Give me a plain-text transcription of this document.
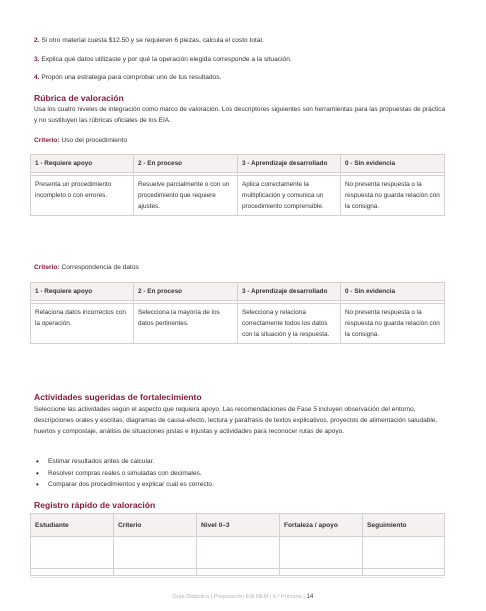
2. Si otro material cuesta $12.50 y se requieren 6 piezas, calcula el costo total.
3. Explica qué datos utilizaste y por qué la operación elegida corresponde a la situación.
4. Propón una estrategia para comprobar uno de tus resultados.
Rúbrica de valoración
Usa los cuatro niveles de integración como marco de valoración. Los descriptores siguientes son herramientas para las propuestas de práctica y no sustituyen las rúbricas oficiales de los EIA.
Criterio: Uso del procedimiento
1 - Requiere apoyo	2 - En proceso	3 - Aprendizaje desarrollado	0 - Sin evidencia

Presenta un procedimiento incompleto o con errores.	Resuelve parcialmente o con un procedimiento que requiere ajustes.	Aplica correctamente la multiplicación y comunica un procedimiento comprensible.	No presenta respuesta o la respuesta no guarda relación con la consigna.
Criterio: Correspondencia de datos
1 - Requiere apoyo	2 - En proceso	3 - Aprendizaje desarrollado	0 - Sin evidencia

Relaciona datos incorrectos con la operación.	Selecciona la mayoría de los datos pertinentes.	Selecciona y relaciona correctamente todos los datos con la situación y la respuesta.	No presenta respuesta o la respuesta no guarda relación con la consigna.
Actividades sugeridas de fortalecimiento
Seleccione las actividades según el aspecto que requiera apoyo. Las recomendaciones de Fase 5 incluyen observación del entorno, descripciones orales y escritas, diagramas de causa-efecto, lectura y paráfrasis de textos explicativos, proyectos de alimentación saludable, huertos y compostaje, análisis de situaciones justas e injustas y actividades para reconocer rutas de apoyo.
• Estimar resultados antes de calcular.
• Resolver compras reales o simuladas con decimales.
• Comparar dos procedimientos y explicar cuál es correcto.
Registro rápido de valoración
Estudiante	Criterio	Nivel 0–3	Fortaleza / apoyo	Seguimiento

Guía Didáctica | Preparación EIA NEM | 6.º Primaria | 14
